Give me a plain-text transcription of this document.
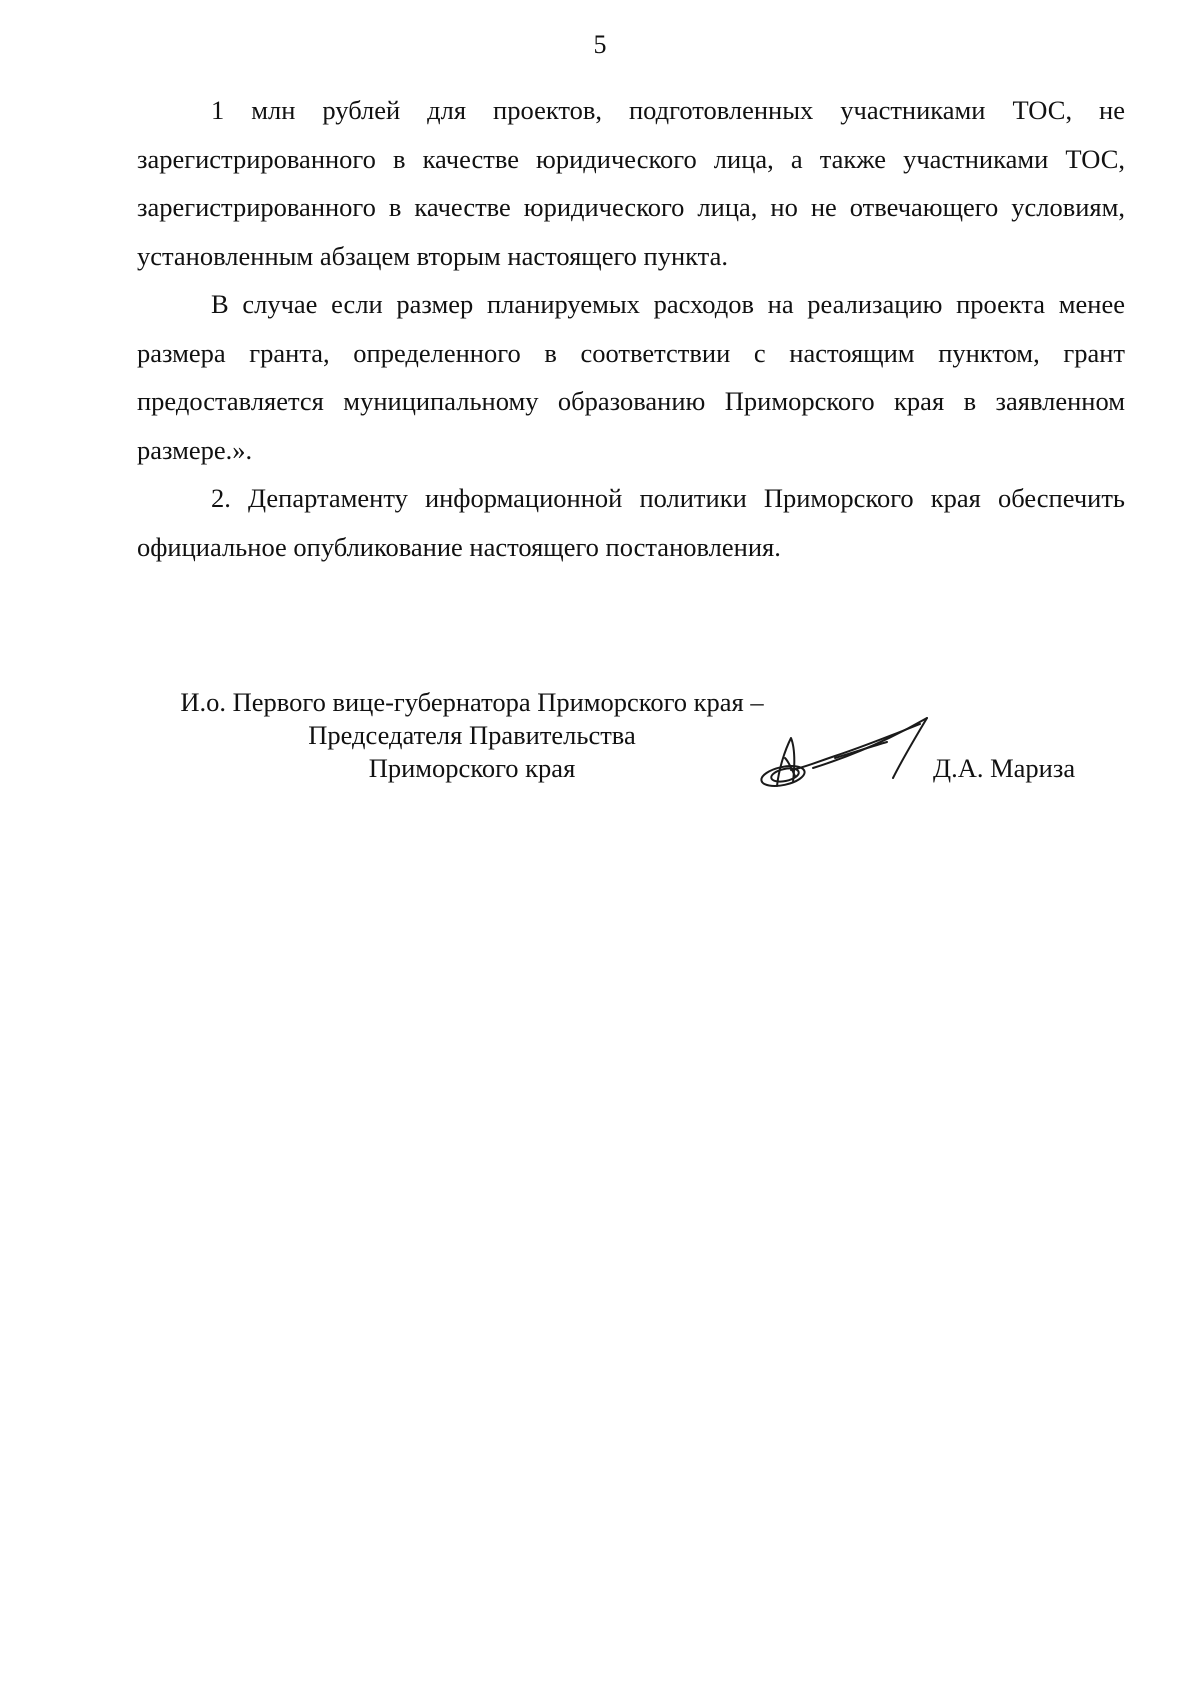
5

1 млн рублей для проектов, подготовленных участниками ТОС, не зарегистрированного в качестве юридического лица, а также участниками ТОС, зарегистрированного в качестве юридического лица, но не отвечающего условиям, установленным абзацем вторым настоящего пункта.

В случае если размер планируемых расходов на реализацию проекта менее размера гранта, определенного в соответствии с настоящим пунктом, грант предоставляется муниципальному образованию Приморского края в заявленном размере.».

2. Департаменту информационной политики Приморского края обеспечить официальное опубликование настоящего постановления.

И.о. Первого вице-губернатора Приморского края –
Председателя Правительства
Приморского края	Д.А. Мариза
